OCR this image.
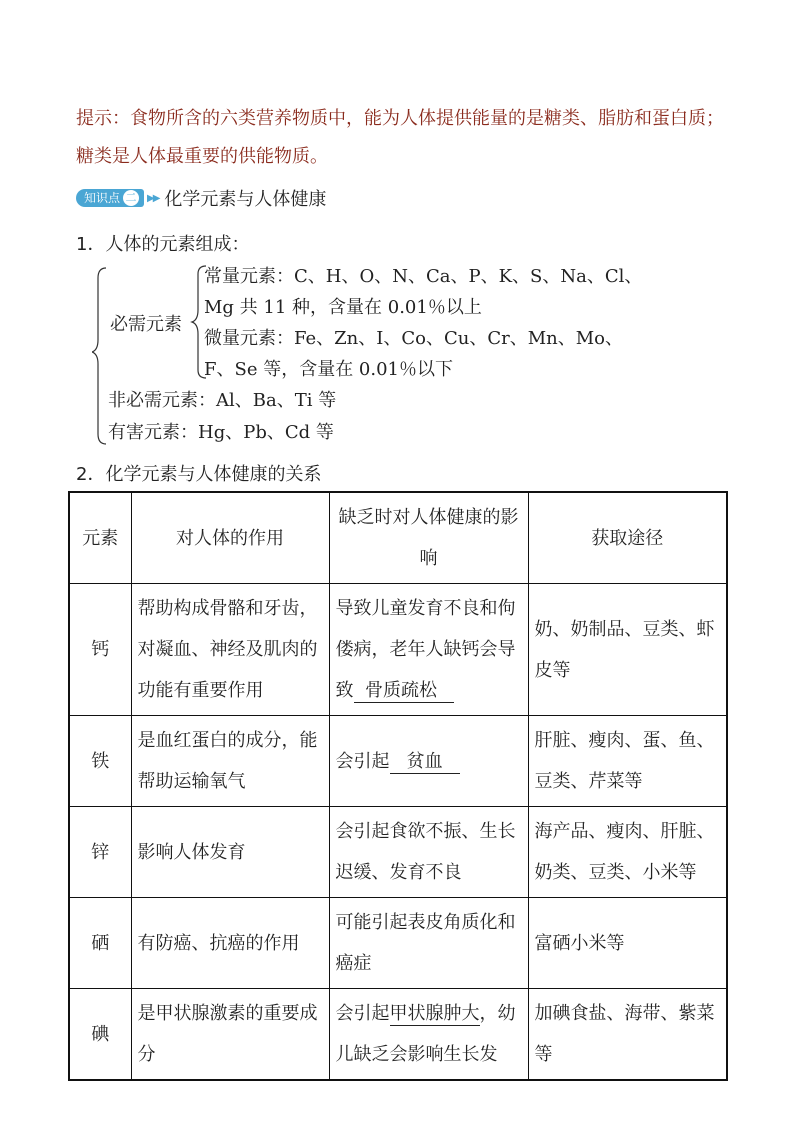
提示：食物所含的六类营养物质中，能为人体提供能量的是糖类、脂肪和蛋白质；糖类是人体最重要的供能物质。
知识点 二 ▶▶ 化学元素与人体健康
1．人体的元素组成：
必需元素
常量元素：C、H、O、N、Ca、P、K、S、Na、Cl、
Mg 共 11 种，含量在 0.01％以上
微量元素：Fe、Zn、I、Co、Cu、Cr、Mn、Mo、
F、Se 等，含量在 0.01％以下
非必需元素：Al、Ba、Ti 等
有害元素：Hg、Pb、Cd 等
2．化学元素与人体健康的关系
元素	对人体的作用	缺乏时对人体健康的影响	获取途径
钙	帮助构成骨骼和牙齿，对凝血、神经及肌肉的功能有重要作用	导致儿童发育不良和佝偻病，老年人缺钙会导致 骨质疏松	奶、奶制品、豆类、虾皮等
铁	是血红蛋白的成分，能帮助运输氧气	会引起 贫血	肝脏、瘦肉、蛋、鱼、豆类、芹菜等
锌	影响人体发育	会引起食欲不振、生长迟缓、发育不良	海产品、瘦肉、肝脏、奶类、豆类、小米等
硒	有防癌、抗癌的作用	可能引起表皮角质化和癌症	富硒小米等
碘	是甲状腺激素的重要成分	会引起甲状腺肿大，幼儿缺乏会影响生长发	加碘食盐、海带、紫菜等
